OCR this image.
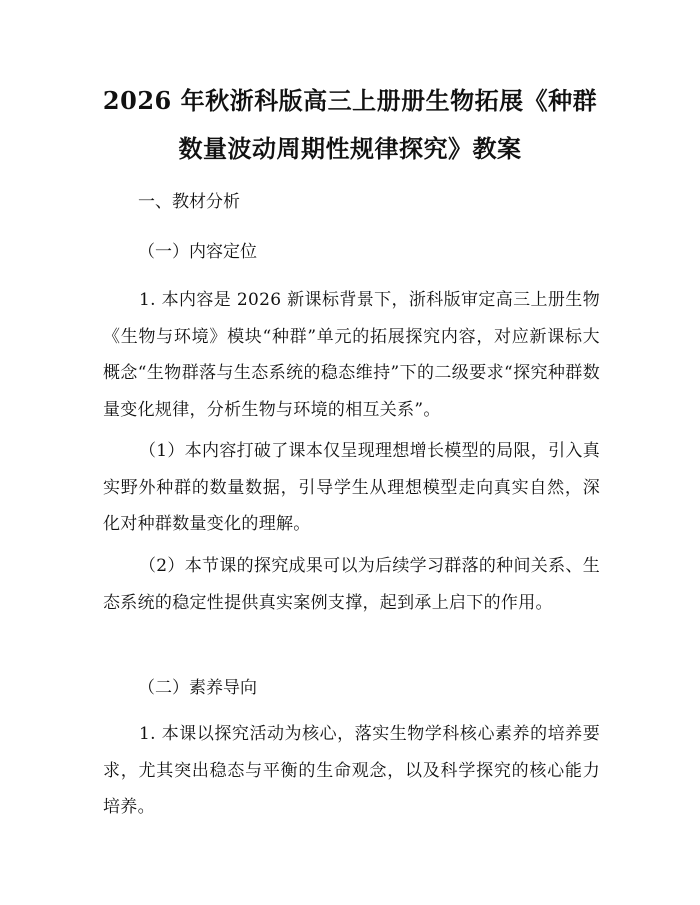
2026 年秋浙科版高三上册册生物拓展《种群
数量波动周期性规律探究》教案

一、教材分析

（一）内容定位

1. 本内容是 2026 新课标背景下，浙科版审定高三上册生物《生物与环境》模块“种群”单元的拓展探究内容，对应新课标大概念“生物群落与生态系统的稳态维持”下的二级要求“探究种群数量变化规律，分析生物与环境的相互关系”。

（1）本内容打破了课本仅呈现理想增长模型的局限，引入真实野外种群的数量数据，引导学生从理想模型走向真实自然，深化对种群数量变化的理解。

（2）本节课的探究成果可以为后续学习群落的种间关系、生态系统的稳定性提供真实案例支撑，起到承上启下的作用。

（二）素养导向

1. 本课以探究活动为核心，落实生物学科核心素养的培养要求，尤其突出稳态与平衡的生命观念，以及科学探究的核心能力培养。
